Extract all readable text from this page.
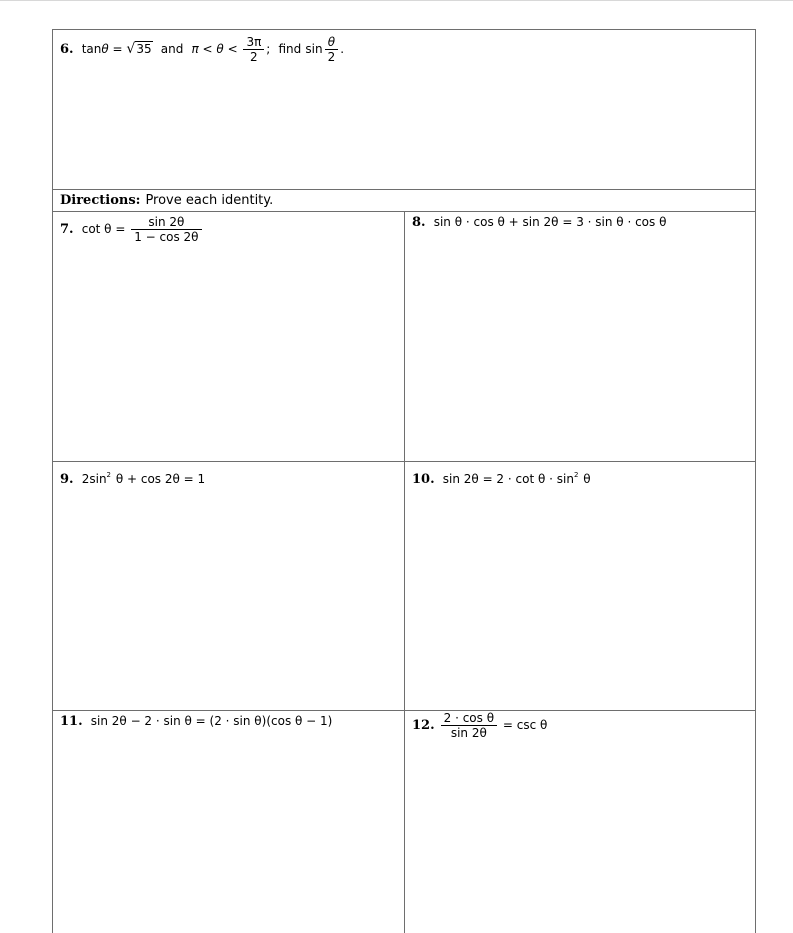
6. tanθ = √35 and $\pi < \theta < \frac{3\pi}{2}$ ; find $\sin \frac{\theta}{2}$ .
Directions: Prove each identity.
7. $\cot \theta = \frac{\sin 2\theta}{1 - \cos 2\theta}$	8. sin θ · cos θ + sin 2θ = 3 · sin θ · cos θ
9. $2\sin^2$ θ + cos 2θ = 1	10. $\sin 2\theta = 2 \cdot \cot \theta \cdot \sin^2 \theta$
11. sin 2θ − 2 · sin θ = (2 · sin θ)(cos θ − 1)	12. $\frac{\text{2 · cos θ}}{\sin 2\theta} = \csc \theta$
